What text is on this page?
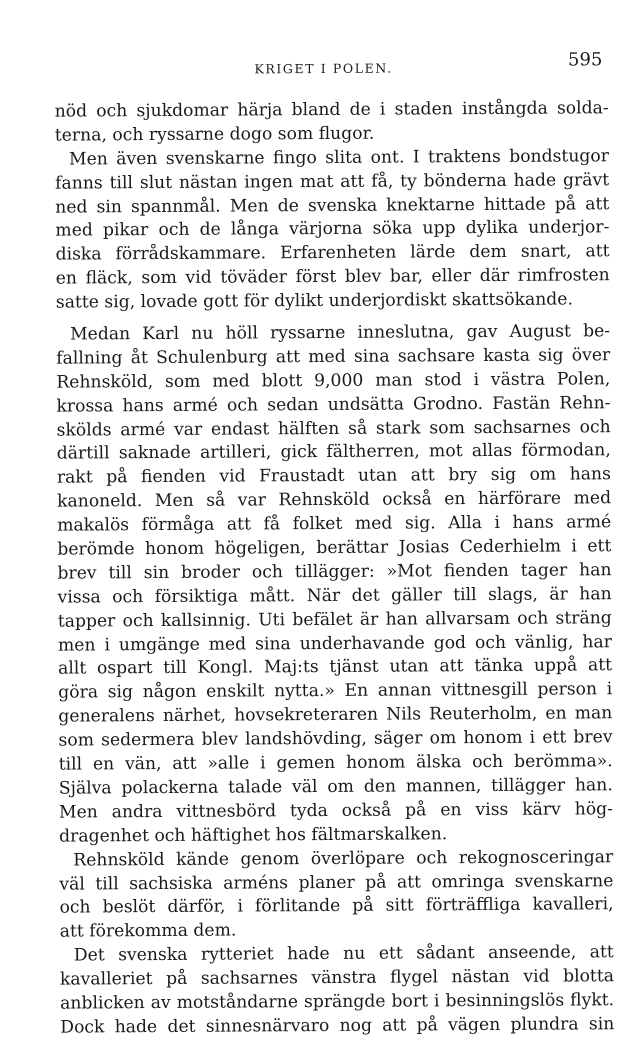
KRIGET I POLEN.	595
nöd och sjukdomar härja bland de i staden instångda solda-
terna, och ryssarne dogo som flugor.
Men även svenskarne fingo slita ont. I traktens bondstugor
fanns till slut nästan ingen mat att få, ty bönderna hade grävt
ned sin spannmål. Men de svenska knektarne hittade på att
med pikar och de långa värjorna söka upp dylika underjor-
diska förrådskammare. Erfarenheten lärde dem snart, att
en fläck, som vid töväder först blev bar, eller där rimfrosten
satte sig, lovade gott för dylikt underjordiskt skattsökande.
Medan Karl nu höll ryssarne inneslutna, gav August be-
fallning åt Schulenburg att med sina sachsare kasta sig över
Rehnsköld, som med blott 9,000 man stod i västra Polen,
krossa hans armé och sedan undsätta Grodno. Fastän Rehn-
skölds armé var endast hälften så stark som sachsarnes och
därtill saknade artilleri, gick fältherren, mot allas förmodan,
rakt på fienden vid Fraustadt utan att bry sig om hans
kanoneld. Men så var Rehnsköld också en härförare med
makalös förmåga att få folket med sig. Alla i hans armé
berömde honom högeligen, berättar Josias Cederhielm i ett
brev till sin broder och tillägger: »Mot fienden tager han
vissa och försiktiga mått. När det gäller till slags, är han
tapper och kallsinnig. Uti befälet är han allvarsam och sträng
men i umgänge med sina underhavande god och vänlig, har
allt ospart till Kongl. Maj:ts tjänst utan att tänka uppå att
göra sig någon enskilt nytta.» En annan vittnesgill person i
generalens närhet, hovsekreteraren Nils Reuterholm, en man
som sedermera blev landshövding, säger om honom i ett brev
till en vän, att »alle i gemen honom älska och berömma».
Själva polackerna talade väl om den mannen, tillägger han.
Men andra vittnesbörd tyda också på en viss kärv hög-
dragenhet och häftighet hos fältmarskalken.
Rehnsköld kände genom överlöpare och rekognosceringar
väl till sachsiska arméns planer på att omringa svenskarne
och beslöt därför, i förlitande på sitt förträffliga kavalleri,
att förekomma dem.
Det svenska rytteriet hade nu ett sådant anseende, att
kavalleriet på sachsarnes vänstra flygel nästan vid blotta
anblicken av motståndarne sprängde bort i besinningslös flykt.
Dock hade det sinnesnärvaro nog att på vägen plundra sin
